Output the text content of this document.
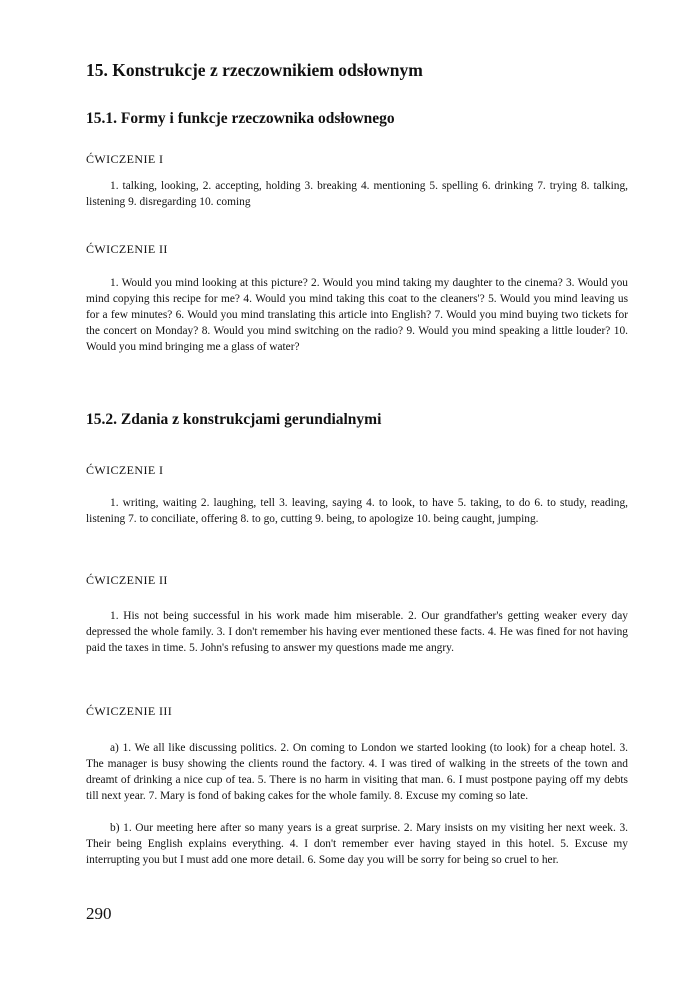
15. Konstrukcje z rzeczownikiem odsłownym
15.1. Formy i funkcje rzeczownika odsłownego
ĆWICZENIE I

1. talking, looking, 2. accepting, holding 3. breaking 4. mentioning 5. spelling 6. drinking 7. trying 8. talking, listening 9. disregarding 10. coming

ĆWICZENIE II

1. Would you mind looking at this picture? 2. Would you mind taking my daughter to the cinema? 3. Would you mind copying this recipe for me? 4. Would you mind taking this coat to the cleaners'? 5. Would you mind leaving us for a few minutes? 6. Would you mind translating this article into English? 7. Would you mind buying two tickets for the concert on Monday? 8. Would you mind switching on the radio? 9. Would you mind speaking a little louder? 10. Would you mind bringing me a glass of water?

15.2. Zdania z konstrukcjami gerundialnymi
ĆWICZENIE I

1. writing, waiting 2. laughing, tell 3. leaving, saying 4. to look, to have 5. taking, to do 6. to study, reading, listening 7. to conciliate, offering 8. to go, cutting 9. being, to apologize 10. being caught, jumping.

ĆWICZENIE II

1. His not being successful in his work made him miserable. 2. Our grandfather's getting weaker every day depressed the whole family. 3. I don't remember his having ever mentioned these facts. 4. He was fined for not having paid the taxes in time. 5. John's refusing to answer my questions made me angry.

ĆWICZENIE III

a) 1. We all like discussing politics. 2. On coming to London we started looking (to look) for a cheap hotel. 3. The manager is busy showing the clients round the factory. 4. I was tired of walking in the streets of the town and dreamt of drinking a nice cup of tea. 5. There is no harm in visiting that man. 6. I must postpone paying off my debts till next year. 7. Mary is fond of baking cakes for the whole family. 8. Excuse my coming so late.

b) 1. Our meeting here after so many years is a great surprise. 2. Mary insists on my visiting her next week. 3. Their being English explains everything. 4. I don't remember ever having stayed in this hotel. 5. Excuse my interrupting you but I must add one more detail. 6. Some day you will be sorry for being so cruel to her.

290
